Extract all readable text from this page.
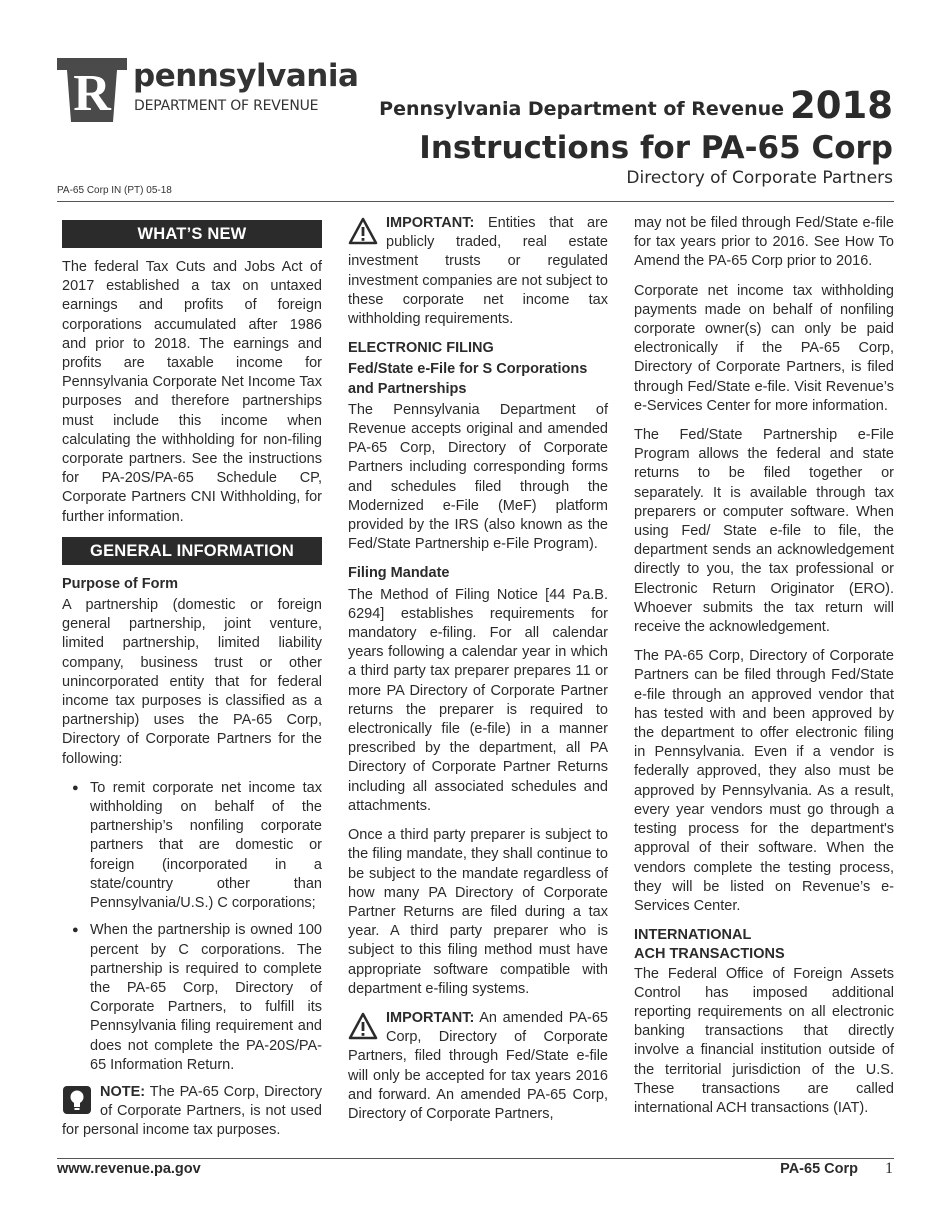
R pennsylvania
DEPARTMENT OF REVENUE	Pennsylvania Department of Revenue 2018
Instructions for PA-65 Corp
Directory of Corporate Partners
PA-65 Corp IN (PT) 05-18
WHAT’S NEW

The federal Tax Cuts and Jobs Act of 2017 established a tax on untaxed earnings and profits of foreign corporations accumulated after 1986 and prior to 2018. The earnings and profits are taxable income for Pennsylvania Corporate Net Income Tax purposes and therefore partnerships must include this income when calculating the withholding for non-filing corporate partners. See the instructions for PA-20S/PA-65 Schedule CP, Corporate Partners CNI Withholding, for further information.

GENERAL INFORMATION
Purpose of Form

A partnership (domestic or foreign general partnership, joint venture, limited partnership, limited liability company, business trust or other unincorporated entity that for federal income tax purposes is classified as a partnership) uses the PA-65 Corp, Directory of Corporate Partners for the following:

● To remit corporate net income tax withholding on behalf of the partnership’s nonfiling corporate partners that are domestic or foreign (incorporated in a state/country other than Pennsylvania/U.S.) C corporations;
● When the partnership is owned 100 percent by C corporations. The partnership is required to complete the PA-65 Corp, Directory of Corporate Partners, to fulfill its Pennsylvania filing requirement and does not complete the PA-20S/PA-65 Information Return.
NOTE: The PA-65 Corp, Directory of Corporate Partners, is not used for personal income tax purposes.
IMPORTANT: Entities that are publicly traded, real estate investment trusts or regulated investment companies are not subject to these corporate net income tax withholding requirements.
ELECTRONIC FILING
Fed/State e-File for S Corporations and Partnerships

The Pennsylvania Department of Revenue accepts original and amended PA-65 Corp, Directory of Corporate Partners including corresponding forms and schedules filed through the Modernized e-File (MeF) platform provided by the IRS (also known as the Fed/State Partnership e-File Program).

Filing Mandate

The Method of Filing Notice [44 Pa.B. 6294] establishes requirements for mandatory e-filing. For all calendar years following a calendar year in which a third party tax preparer prepares 11 or more PA Directory of Corporate Partner returns the preparer is required to electronically file (e-file) in a manner prescribed by the department, all PA Directory of Corporate Partner Returns including all associated schedules and attachments.

Once a third party preparer is subject to the filing mandate, they shall continue to be subject to the mandate regardless of how many PA Directory of Corporate Partner Returns are filed during a tax year. A third party preparer who is subject to this filing method must have appropriate software compatible with department e-filing systems.

IMPORTANT: An amended PA-65 Corp, Directory of Corporate Partners, filed through Fed/State e-file will only be accepted for tax years 2016 and forward. An amended PA-65 Corp, Directory of Corporate Partners,

may not be filed through Fed/State e-file for tax years prior to 2016. See How To Amend the PA-65 Corp prior to 2016.

Corporate net income tax withholding payments made on behalf of nonfiling corporate owner(s) can only be paid electronically if the PA-65 Corp, Directory of Corporate Partners, is filed through Fed/State e-file. Visit Revenue’s e-Services Center for more information.

The Fed/State Partnership e-File Program allows the federal and state returns to be filed together or separately. It is available through tax preparers or computer software. When using Fed/ State e-file to file, the department sends an acknowledgement directly to you, the tax professional or Electronic Return Originator (ERO). Whoever submits the tax return will receive the acknowledgement.

The PA-65 Corp, Directory of Corporate Partners can be filed through Fed/State e-file through an approved vendor that has tested with and been approved by the department to offer electronic filing in Pennsylvania. Even if a vendor is federally approved, they also must be approved by Pennsylvania. As a result, every year vendors must go through a testing process for the department's approval of their software. When the vendors complete the testing process, they will be listed on Revenue’s e-Services Center.

INTERNATIONAL
ACH TRANSACTIONS

The Federal Office of Foreign Assets Control has imposed additional reporting requirements on all electronic banking transactions that directly involve a financial institution outside of the territorial jurisdiction of the U.S. These transactions are called international ACH transactions (IAT).

www.revenue.pa.gov	PA-65 Corp 1
